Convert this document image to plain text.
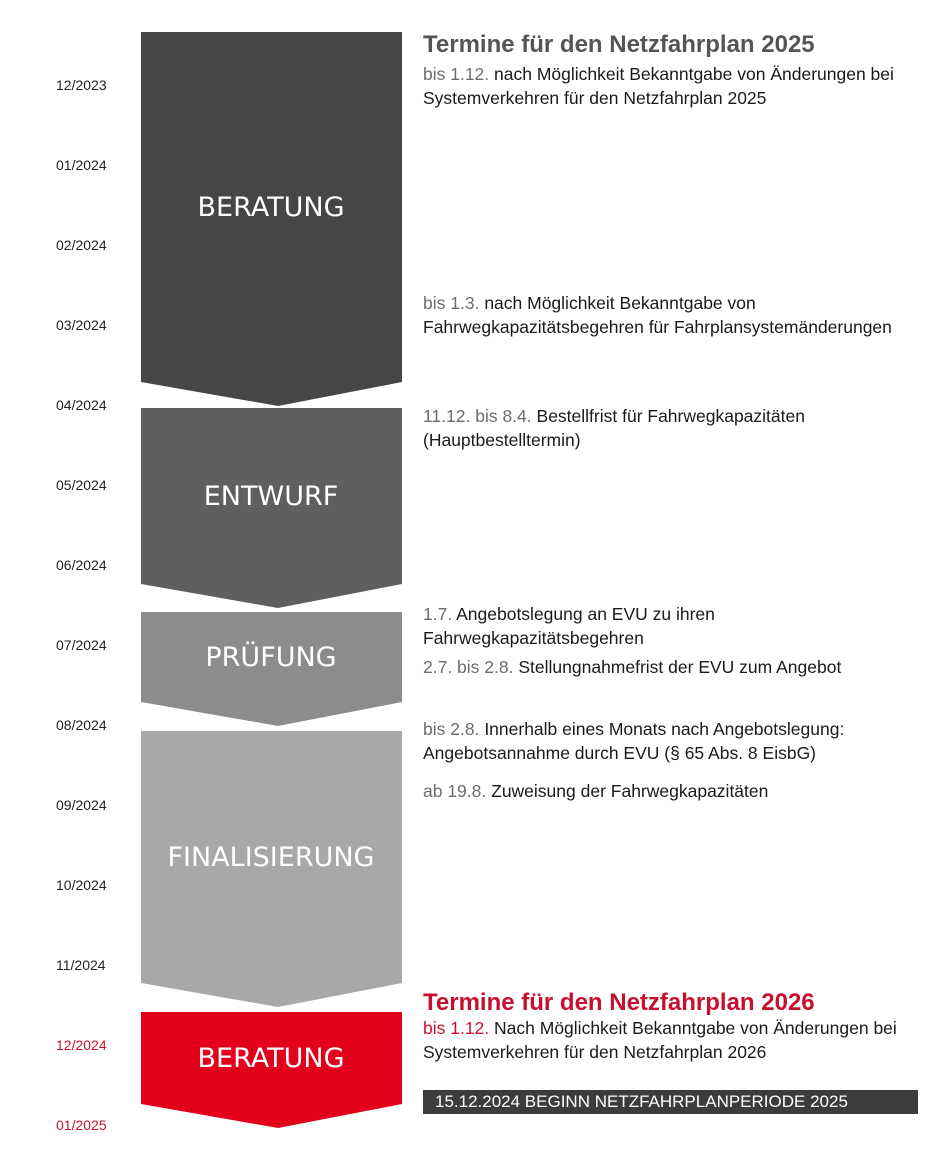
12/2023
01/2024
02/2024
03/2024
04/2024
05/2024
06/2024
07/2024
08/2024
09/2024
10/2024
11/2024
12/2024
01/2025
BERATUNG
ENTWURF
PRÜFUNG
FINALISIERUNG
BERATUNG
Termine für den Netzfahrplan 2025
bis 1.12. nach Möglichkeit Bekanntgabe von Änderungen bei Systemverkehren für den Netzfahrplan 2025
bis 1.3. nach Möglichkeit Bekanntgabe von Fahrwegkapazitätsbegehren für Fahrplansystemänderungen
11.12. bis 8.4. Bestellfrist für Fahrwegkapazitäten (Hauptbestelltermin)
1.7. Angebotslegung an EVU zu ihren Fahrwegkapazitätsbegehren
2.7. bis 2.8. Stellungnahmefrist der EVU zum Angebot
bis 2.8. Innerhalb eines Monats nach Angebotslegung: Angebotsannahme durch EVU (§ 65 Abs. 8 EisbG)
ab 19.8. Zuweisung der Fahrwegkapazitäten
Termine für den Netzfahrplan 2026
bis 1.12. Nach Möglichkeit Bekanntgabe von Änderungen bei Systemverkehren für den Netzfahrplan 2026
15.12.2024 BEGINN NETZFAHRPLANPERIODE 2025
